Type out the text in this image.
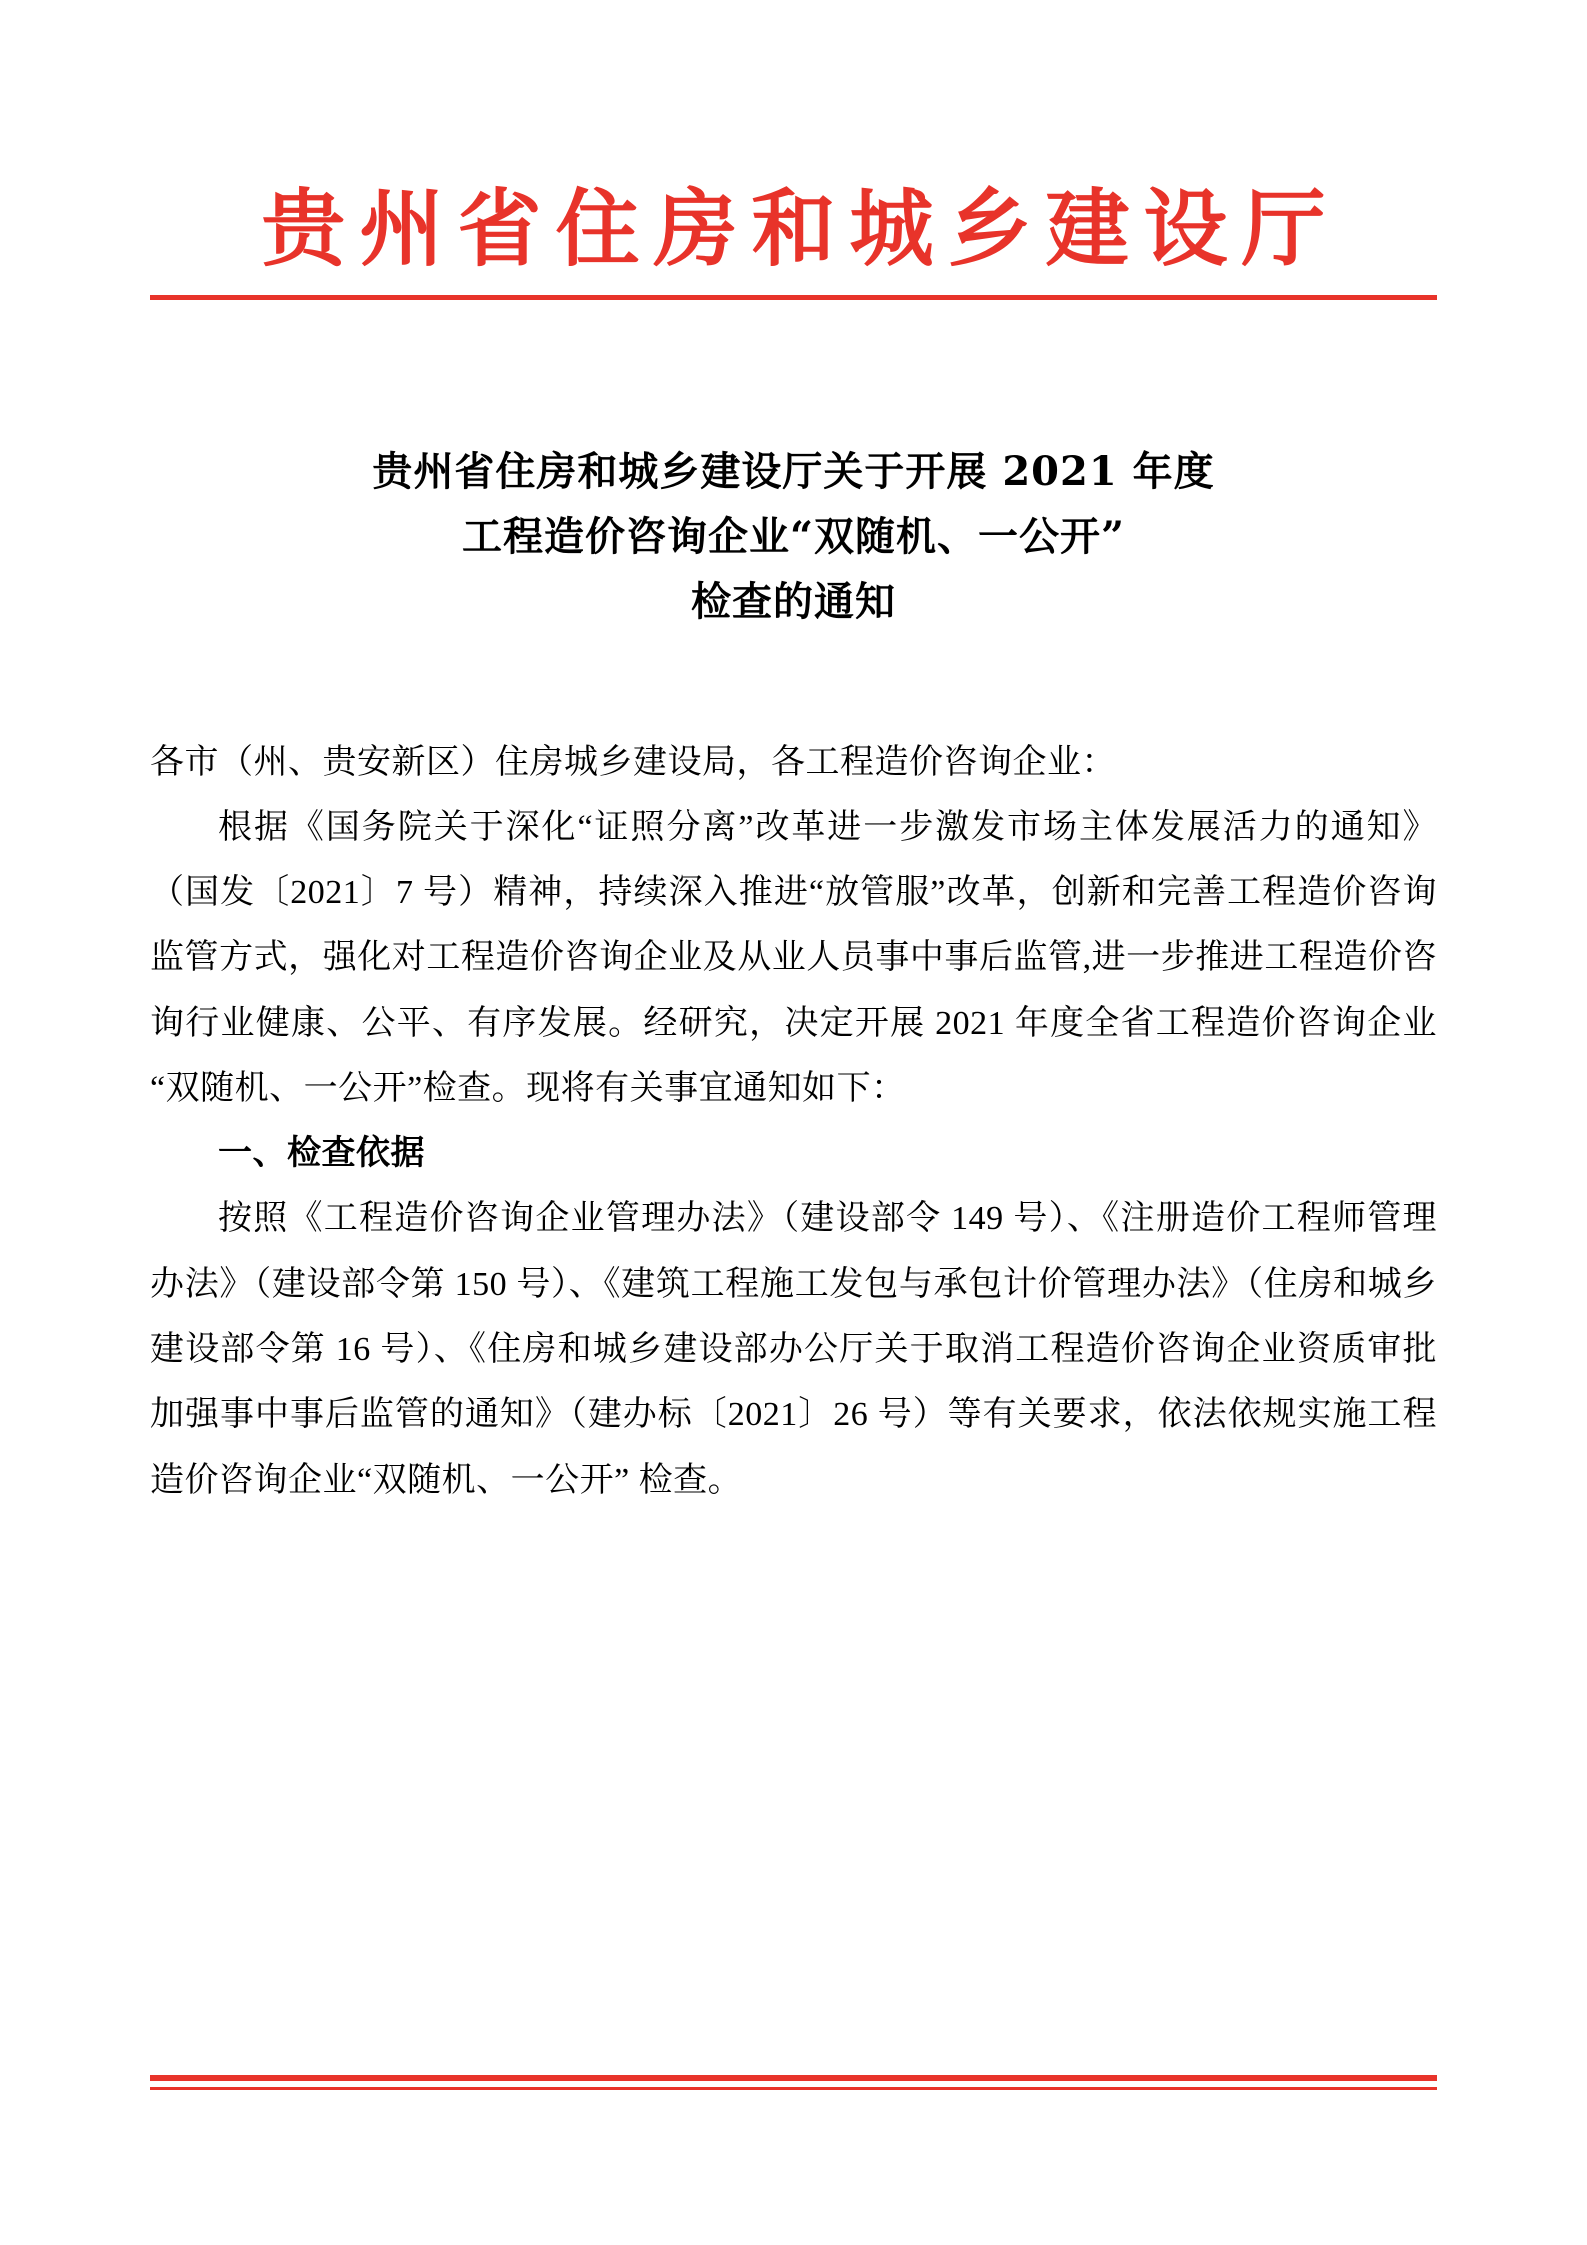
贵州省住房和城乡建设厅
贵州省住房和城乡建设厅关于开展 2021 年度
工程造价咨询企业“双随机、一公开”
检查的通知

各市（州、贵安新区）住房城乡建设局，各工程造价咨询企业：

根据《国务院关于深化“证照分离”改革进一步激发市场主体发展活力的通知》（国发〔2021〕7 号）精神，持续深入推进“放管服”改革，创新和完善工程造价咨询监管方式，强化对工程造价咨询企业及从业人员事中事后监管,进一步推进工程造价咨询行业健康、公平、有序发展。经研究，决定开展 2021 年度全省工程造价咨询企业“双随机、一公开”检查。现将有关事宜通知如下：

一、检查依据

按照《工程造价咨询企业管理办法》（建设部令 149 号）、《注册造价工程师管理办法》（建设部令第 150 号）、《建筑工程施工发包与承包计价管理办法》（住房和城乡建设部令第 16 号）、《住房和城乡建设部办公厅关于取消工程造价咨询企业资质审批加强事中事后监管的通知》（建办标〔2021〕26 号）等有关要求，依法依规实施工程造价咨询企业“双随机、一公开” 检查。
